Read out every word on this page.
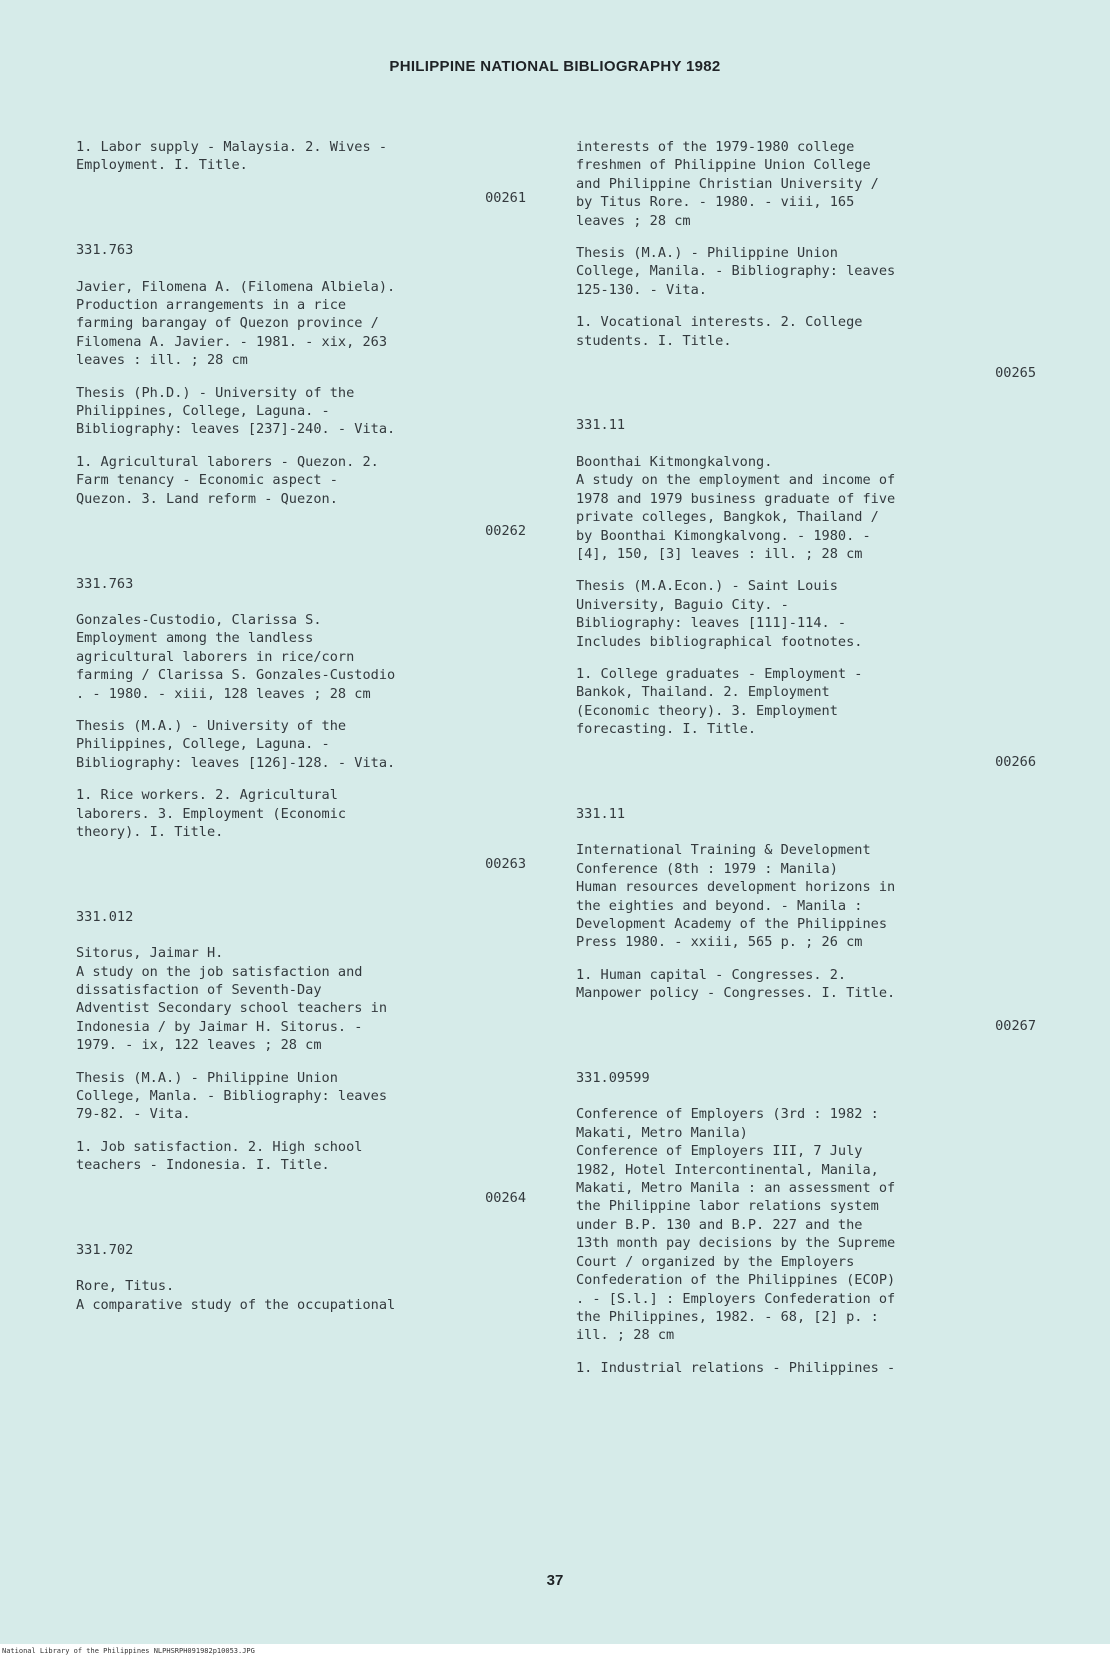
PHILIPPINE NATIONAL BIBLIOGRAPHY 1982

1. Labor supply - Malaysia. 2. Wives -
Employment. I. Title.

00261
331.763

Javier, Filomena A. (Filomena Albiela).
Production arrangements in a rice
farming barangay of Quezon province /
Filomena A. Javier. - 1981. - xix, 263
leaves : ill. ; 28 cm

Thesis (Ph.D.) - University of the
Philippines, College, Laguna. -
Bibliography: leaves [237]-240. - Vita.

1. Agricultural laborers - Quezon. 2.
Farm tenancy - Economic aspect -
Quezon. 3. Land reform - Quezon.

00262
331.763

Gonzales-Custodio, Clarissa S.
Employment among the landless
agricultural laborers in rice/corn
farming / Clarissa S. Gonzales-Custodio
. - 1980. - xiii, 128 leaves ; 28 cm

Thesis (M.A.) - University of the
Philippines, College, Laguna. -
Bibliography: leaves [126]-128. - Vita.

1. Rice workers. 2. Agricultural
laborers. 3. Employment (Economic
theory). I. Title.

00263
331.012

Sitorus, Jaimar H.
A study on the job satisfaction and
dissatisfaction of Seventh-Day
Adventist Secondary school teachers in
Indonesia / by Jaimar H. Sitorus. -
1979. - ix, 122 leaves ; 28 cm

Thesis (M.A.) - Philippine Union
College, Manla. - Bibliography: leaves
79-82. - Vita.

1. Job satisfaction. 2. High school
teachers - Indonesia. I. Title.

00264
331.702

Rore, Titus.
A comparative study of the occupational

interests of the 1979-1980 college
freshmen of Philippine Union College
and Philippine Christian University /
by Titus Rore. - 1980. - viii, 165
leaves ; 28 cm

Thesis (M.A.) - Philippine Union
College, Manila. - Bibliography: leaves
125-130. - Vita.

1. Vocational interests. 2. College
students. I. Title.

00265
331.11

Boonthai Kitmongkalvong.
A study on the employment and income of
1978 and 1979 business graduate of five
private colleges, Bangkok, Thailand /
by Boonthai Kimongkalvong. - 1980. -
[4], 150, [3] leaves : ill. ; 28 cm

Thesis (M.A.Econ.) - Saint Louis
University, Baguio City. -
Bibliography: leaves [111]-114. -
Includes bibliographical footnotes.

1. College graduates - Employment -
Bankok, Thailand. 2. Employment
(Economic theory). 3. Employment
forecasting. I. Title.

00266
331.11

International Training & Development
Conference (8th : 1979 : Manila)
Human resources development horizons in
the eighties and beyond. - Manila :
Development Academy of the Philippines
Press 1980. - xxiii, 565 p. ; 26 cm

1. Human capital - Congresses. 2.
Manpower policy - Congresses. I. Title.

00267
331.09599

Conference of Employers (3rd : 1982 :
Makati, Metro Manila)
Conference of Employers III, 7 July
1982, Hotel Intercontinental, Manila,
Makati, Metro Manila : an assessment of
the Philippine labor relations system
under B.P. 130 and B.P. 227 and the
13th month pay decisions by the Supreme
Court / organized by the Employers
Confederation of the Philippines (ECOP)
. - [S.l.] : Employers Confederation of
the Philippines, 1982. - 68, [2] p. :
ill. ; 28 cm

1. Industrial relations - Philippines -

37
National Library of the Philippines NLPHSRPH091982p10053.JPG
